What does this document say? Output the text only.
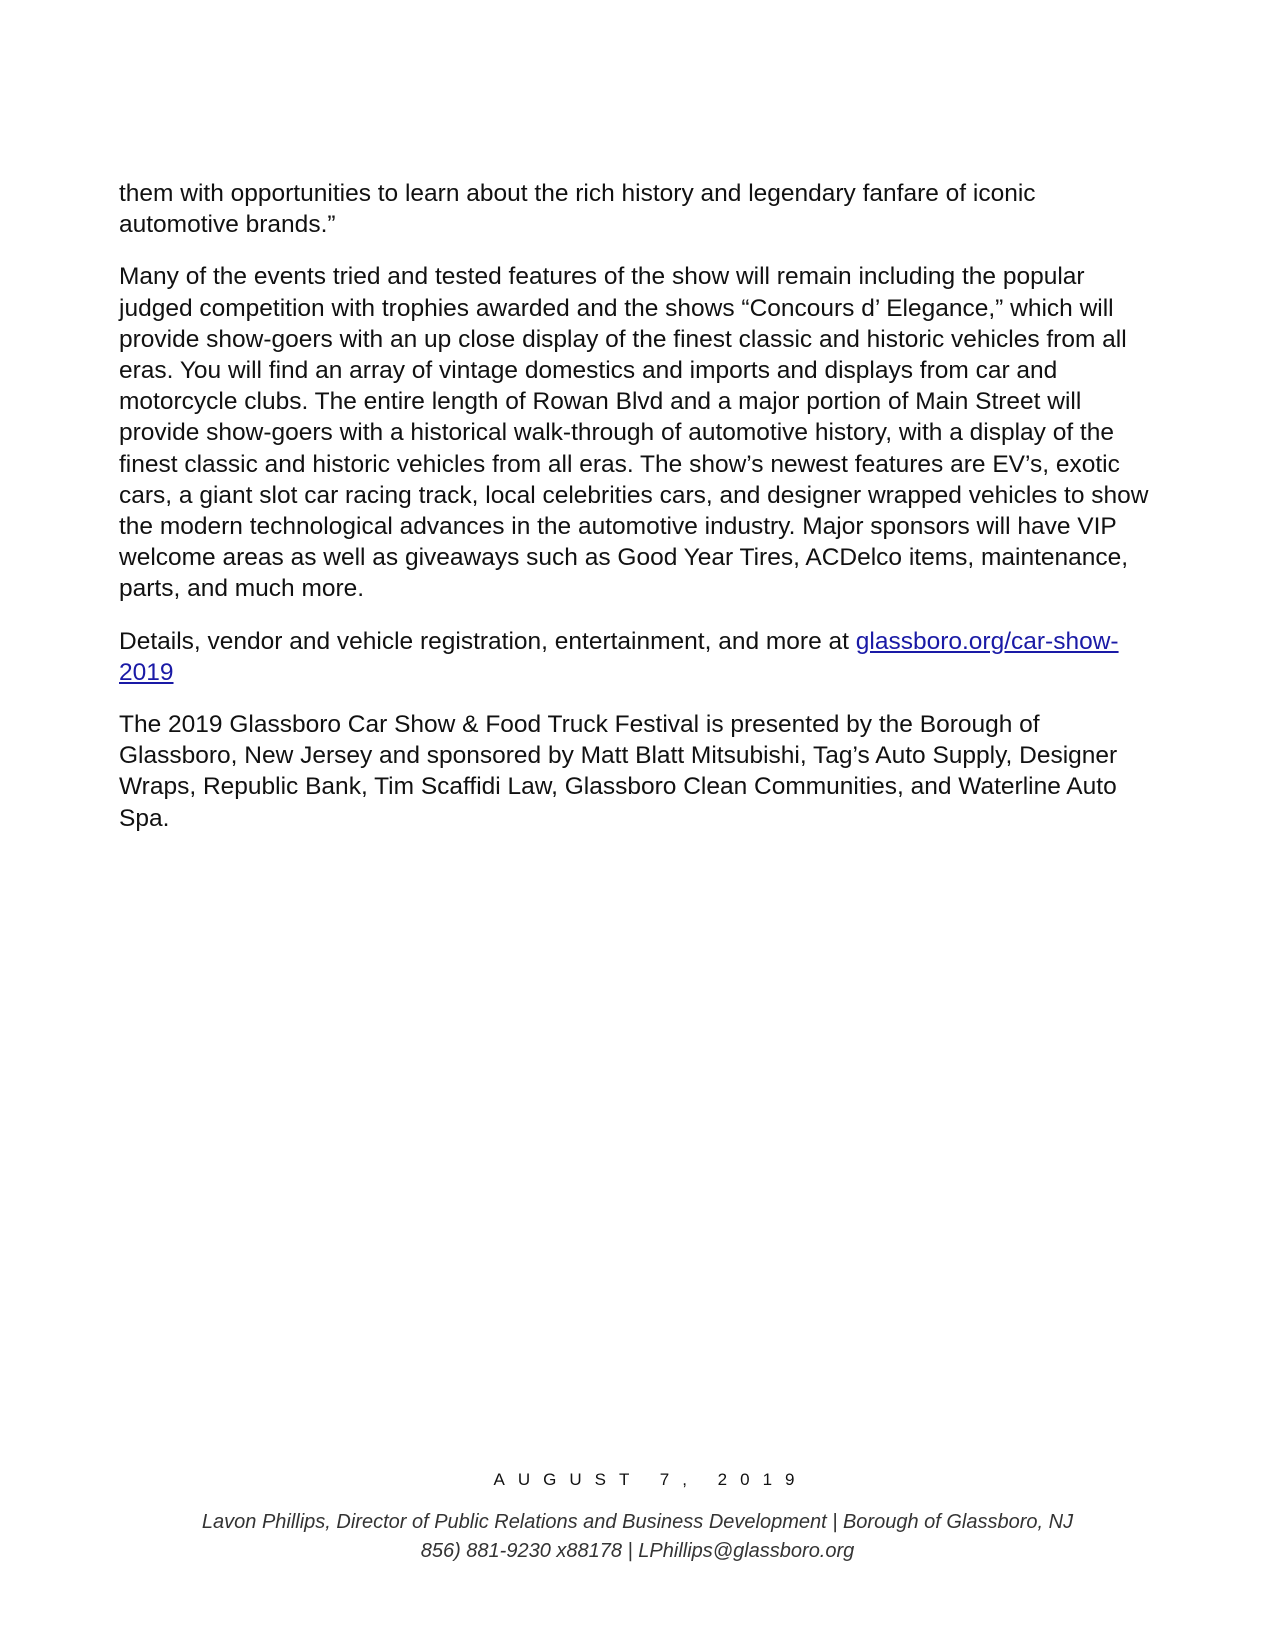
them with opportunities to learn about the rich history and legendary fanfare of iconic automotive brands.”

Many of the events tried and tested features of the show will remain including the popular judged competition with trophies awarded and the shows “Concours d’ Elegance,” which will provide show-goers with an up close display of the finest classic and historic vehicles from all eras. You will find an array of vintage domestics and imports and displays from car and motorcycle clubs. The entire length of Rowan Blvd and a major portion of Main Street will provide show-goers with a historical walk-through of automotive history, with a display of the finest classic and historic vehicles from all eras. The show’s newest features are EV’s, exotic cars, a giant slot car racing track, local celebrities cars, and designer wrapped vehicles to show the modern technological advances in the automotive industry. Major sponsors will have VIP welcome areas as well as giveaways such as Good Year Tires, ACDelco items, maintenance, parts, and much more.

Details, vendor and vehicle registration, entertainment, and more at glassboro.org/car-show-2019

The 2019 Glassboro Car Show & Food Truck Festival is presented by the Borough of Glassboro, New Jersey and sponsored by Matt Blatt Mitsubishi, Tag’s Auto Supply, Designer Wraps, Republic Bank, Tim Scaffidi Law, Glassboro Clean Communities, and Waterline Auto Spa.

AUGUST 7, 2019
Lavon Phillips, Director of Public Relations and Business Development | Borough of Glassboro, NJ
856) 881-9230 x88178 | LPhillips@glassboro.org
